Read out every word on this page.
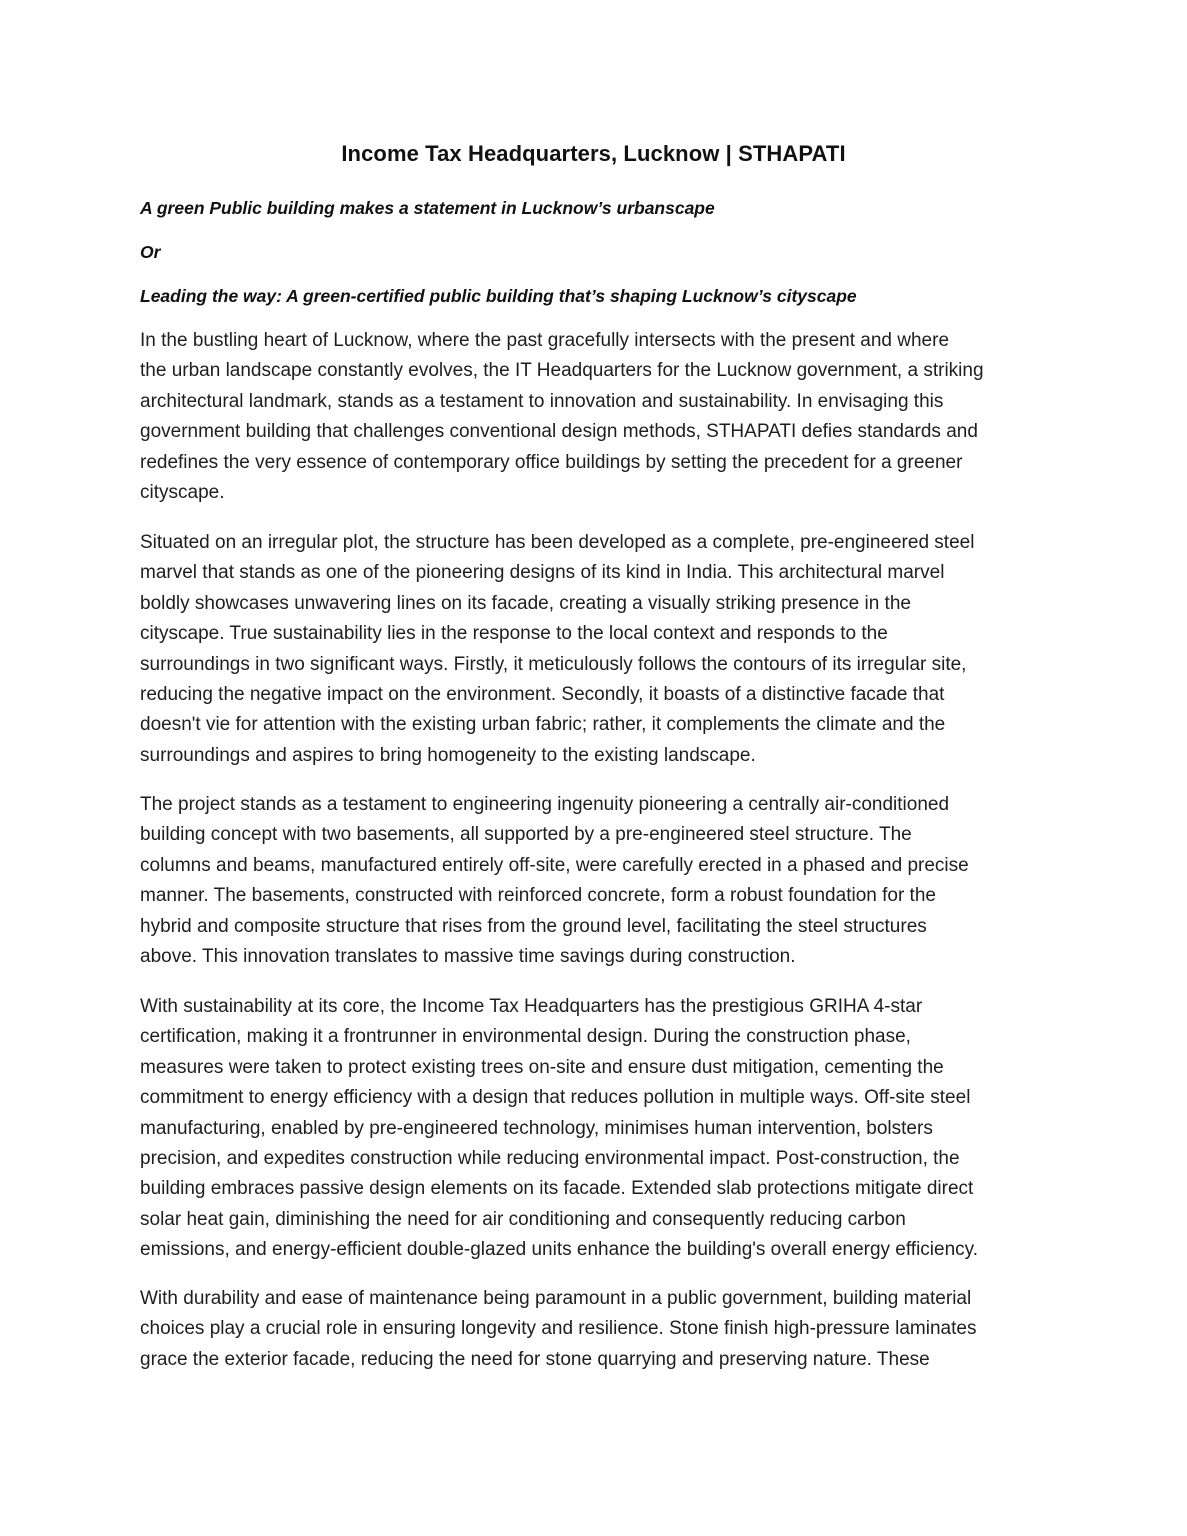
Income Tax Headquarters, Lucknow | STHAPATI
A green Public building makes a statement in Lucknow’s urbanscape
Or
Leading the way: A green-certified public building that’s shaping Lucknow’s cityscape
In the bustling heart of Lucknow, where the past gracefully intersects with the present and where
the urban landscape constantly evolves, the IT Headquarters for the Lucknow government, a striking
architectural landmark, stands as a testament to innovation and sustainability. In envisaging this
government building that challenges conventional design methods, STHAPATI defies standards and
redefines the very essence of contemporary office buildings by setting the precedent for a greener
cityscape.
Situated on an irregular plot, the structure has been developed as a complete, pre-engineered steel
marvel that stands as one of the pioneering designs of its kind in India. This architectural marvel
boldly showcases unwavering lines on its facade, creating a visually striking presence in the
cityscape. True sustainability lies in the response to the local context and responds to the
surroundings in two significant ways. Firstly, it meticulously follows the contours of its irregular site,
reducing the negative impact on the environment. Secondly, it boasts of a distinctive facade that
doesn't vie for attention with the existing urban fabric; rather, it complements the climate and the
surroundings and aspires to bring homogeneity to the existing landscape.
The project stands as a testament to engineering ingenuity pioneering a centrally air-conditioned
building concept with two basements, all supported by a pre-engineered steel structure. The
columns and beams, manufactured entirely off-site, were carefully erected in a phased and precise
manner. The basements, constructed with reinforced concrete, form a robust foundation for the
hybrid and composite structure that rises from the ground level, facilitating the steel structures
above. This innovation translates to massive time savings during construction.
With sustainability at its core, the Income Tax Headquarters has the prestigious GRIHA 4-star
certification, making it a frontrunner in environmental design. During the construction phase,
measures were taken to protect existing trees on-site and ensure dust mitigation, cementing the
commitment to energy efficiency with a design that reduces pollution in multiple ways. Off-site steel
manufacturing, enabled by pre-engineered technology, minimises human intervention, bolsters
precision, and expedites construction while reducing environmental impact. Post-construction, the
building embraces passive design elements on its facade. Extended slab protections mitigate direct
solar heat gain, diminishing the need for air conditioning and consequently reducing carbon
emissions, and energy-efficient double-glazed units enhance the building's overall energy efficiency.
With durability and ease of maintenance being paramount in a public government, building material
choices play a crucial role in ensuring longevity and resilience. Stone finish high-pressure laminates
grace the exterior facade, reducing the need for stone quarrying and preserving nature. These
